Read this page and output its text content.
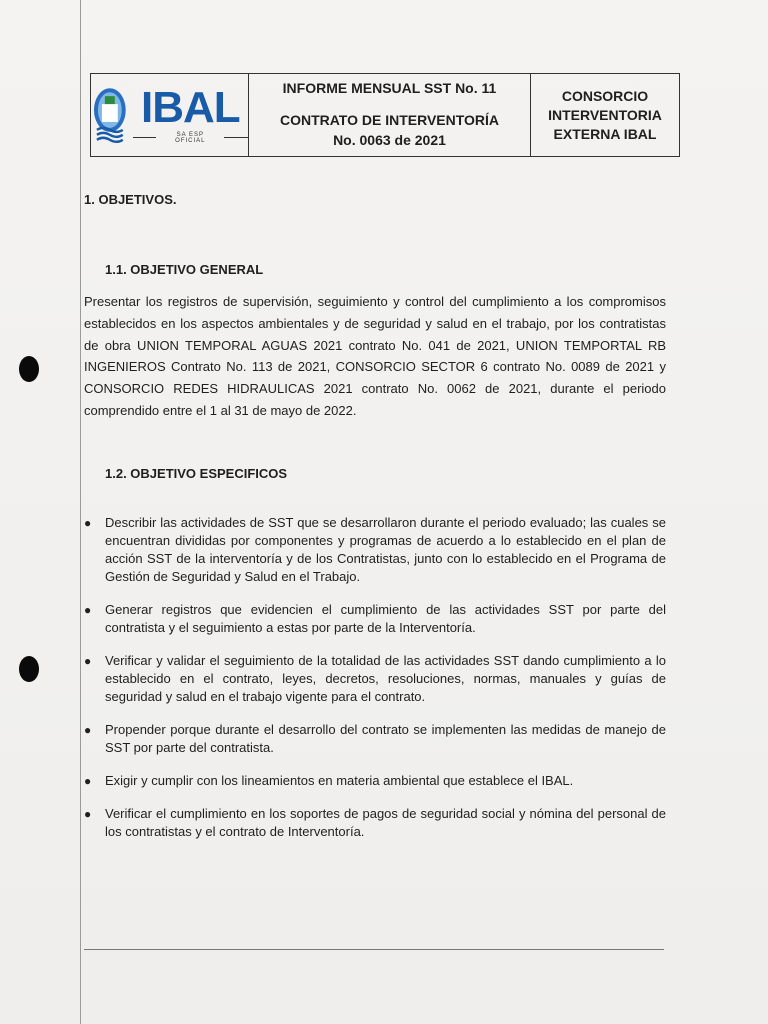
IBAL
SA ESP OFICIAL
INFORME MENSUAL SST No. 11
CONTRATO DE INTERVENTORÍA No. 0063 de 2021
CONSORCIO INTERVENTORIA EXTERNA IBAL
1. OBJETIVOS.
1.1. OBJETIVO GENERAL
Presentar los registros de supervisión, seguimiento y control del cumplimiento a los compromisos establecidos en los aspectos ambientales y de seguridad y salud en el trabajo, por los contratistas de obra UNION TEMPORAL AGUAS 2021 contrato No. 041 de 2021, UNION TEMPORTAL RB INGENIEROS Contrato No. 113 de 2021, CONSORCIO SECTOR 6 contrato No. 0089 de 2021 y CONSORCIO REDES HIDRAULICAS 2021 contrato No. 0062 de 2021, durante el periodo comprendido entre el 1 al 31 de mayo de 2022.
1.2. OBJETIVO ESPECIFICOS
●	Describir las actividades de SST que se desarrollaron durante el periodo evaluado; las cuales se encuentran divididas por componentes y programas de acuerdo a lo establecido en el plan de acción SST de la interventoría y de los Contratistas, junto con lo establecido en el Programa de Gestión de Seguridad y Salud en el Trabajo.
●	Generar registros que evidencien el cumplimiento de las actividades SST por parte del contratista y el seguimiento a estas por parte de la Interventoría.
●	Verificar y validar el seguimiento de la totalidad de las actividades SST dando cumplimiento a lo establecido en el contrato, leyes, decretos, resoluciones, normas, manuales y guías de seguridad y salud en el trabajo vigente para el contrato.
●	Propender porque durante el desarrollo del contrato se implementen las medidas de manejo de SST por parte del contratista.
●	Exigir y cumplir con los lineamientos en materia ambiental que establece el IBAL.
●	Verificar el cumplimiento en los soportes de pagos de seguridad social y nómina del personal de los contratistas y el contrato de Interventoría.
